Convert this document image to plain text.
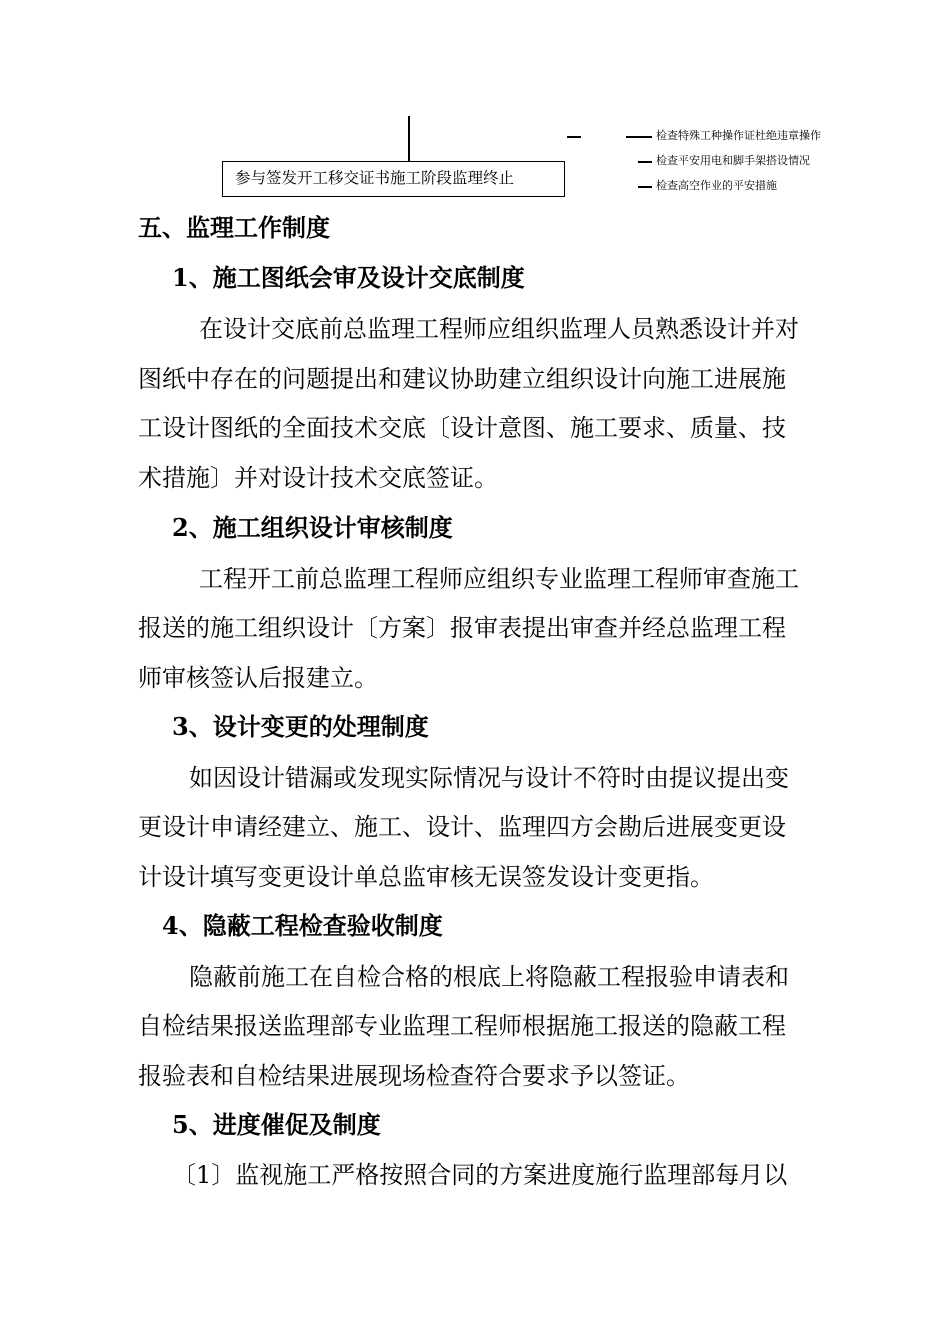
参与签发开工移交证书施工阶段监理终止
检查特殊工种操作证杜绝违章操作
检查平安用电和脚手架搭设情况
检查高空作业的平安措施
五、监理工作制度
1、施工图纸会审及设计交底制度
在设计交底前总监理工程师应组织监理人员熟悉设计并对
图纸中存在的问题提出和建议协助建立组织设计向施工进展施
工设计图纸的全面技术交底〔设计意图、施工要求、质量、技
术措施〕并对设计技术交底签证。
2、施工组织设计审核制度
工程开工前总监理工程师应组织专业监理工程师审查施工
报送的施工组织设计〔方案〕报审表提出审查并经总监理工程
师审核签认后报建立。
3、设计变更的处理制度
如因设计错漏或发现实际情况与设计不符时由提议提出变
更设计申请经建立、施工、设计、监理四方会勘后进展变更设
计设计填写变更设计单总监审核无误签发设计变更指。
4、隐蔽工程检查验收制度
隐蔽前施工在自检合格的根底上将隐蔽工程报验申请表和
自检结果报送监理部专业监理工程师根据施工报送的隐蔽工程
报验表和自检结果进展现场检查符合要求予以签证。
5、进度催促及制度
〔1〕监视施工严格按照合同的方案进度施行监理部每月以
